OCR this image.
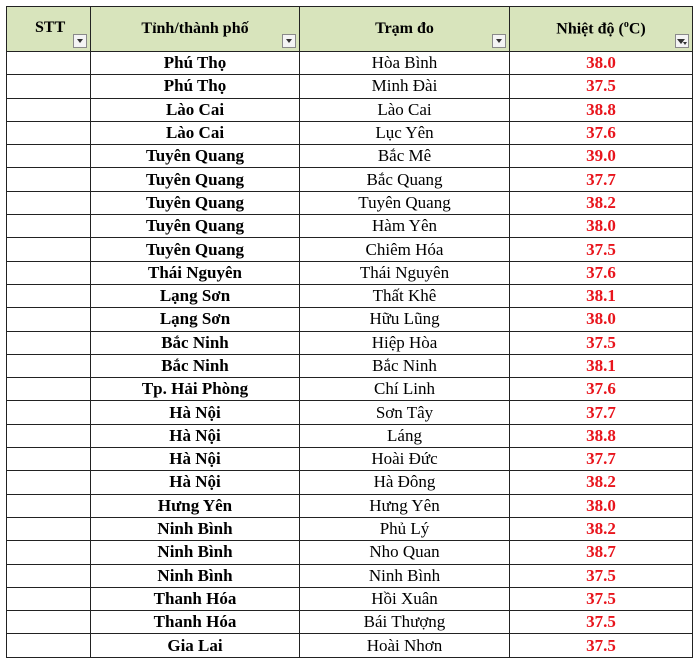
STT	Tỉnh/thành phố	Trạm đo	Nhiệt độ ($^o$C)

	Phú Thọ	Hòa Bình	38.0
	Phú Thọ	Minh Đài	37.5
	Lào Cai	Lào Cai	38.8
	Lào Cai	Lục Yên	37.6
	Tuyên Quang	Bắc Mê	39.0
	Tuyên Quang	Bắc Quang	37.7
	Tuyên Quang	Tuyên Quang	38.2
	Tuyên Quang	Hàm Yên	38.0
	Tuyên Quang	Chiêm Hóa	37.5
	Thái Nguyên	Thái Nguyên	37.6
	Lạng Sơn	Thất Khê	38.1
	Lạng Sơn	Hữu Lũng	38.0
	Bắc Ninh	Hiệp Hòa	37.5
	Bắc Ninh	Bắc Ninh	38.1
	Tp. Hải Phòng	Chí Linh	37.6
	Hà Nội	Sơn Tây	37.7
	Hà Nội	Láng	38.8
	Hà Nội	Hoài Đức	37.7
	Hà Nội	Hà Đông	38.2
	Hưng Yên	Hưng Yên	38.0
	Ninh Bình	Phủ Lý	38.2
	Ninh Bình	Nho Quan	38.7
	Ninh Bình	Ninh Bình	37.5
	Thanh Hóa	Hồi Xuân	37.5
	Thanh Hóa	Bái Thượng	37.5
	Gia Lai	Hoài Nhơn	37.5
